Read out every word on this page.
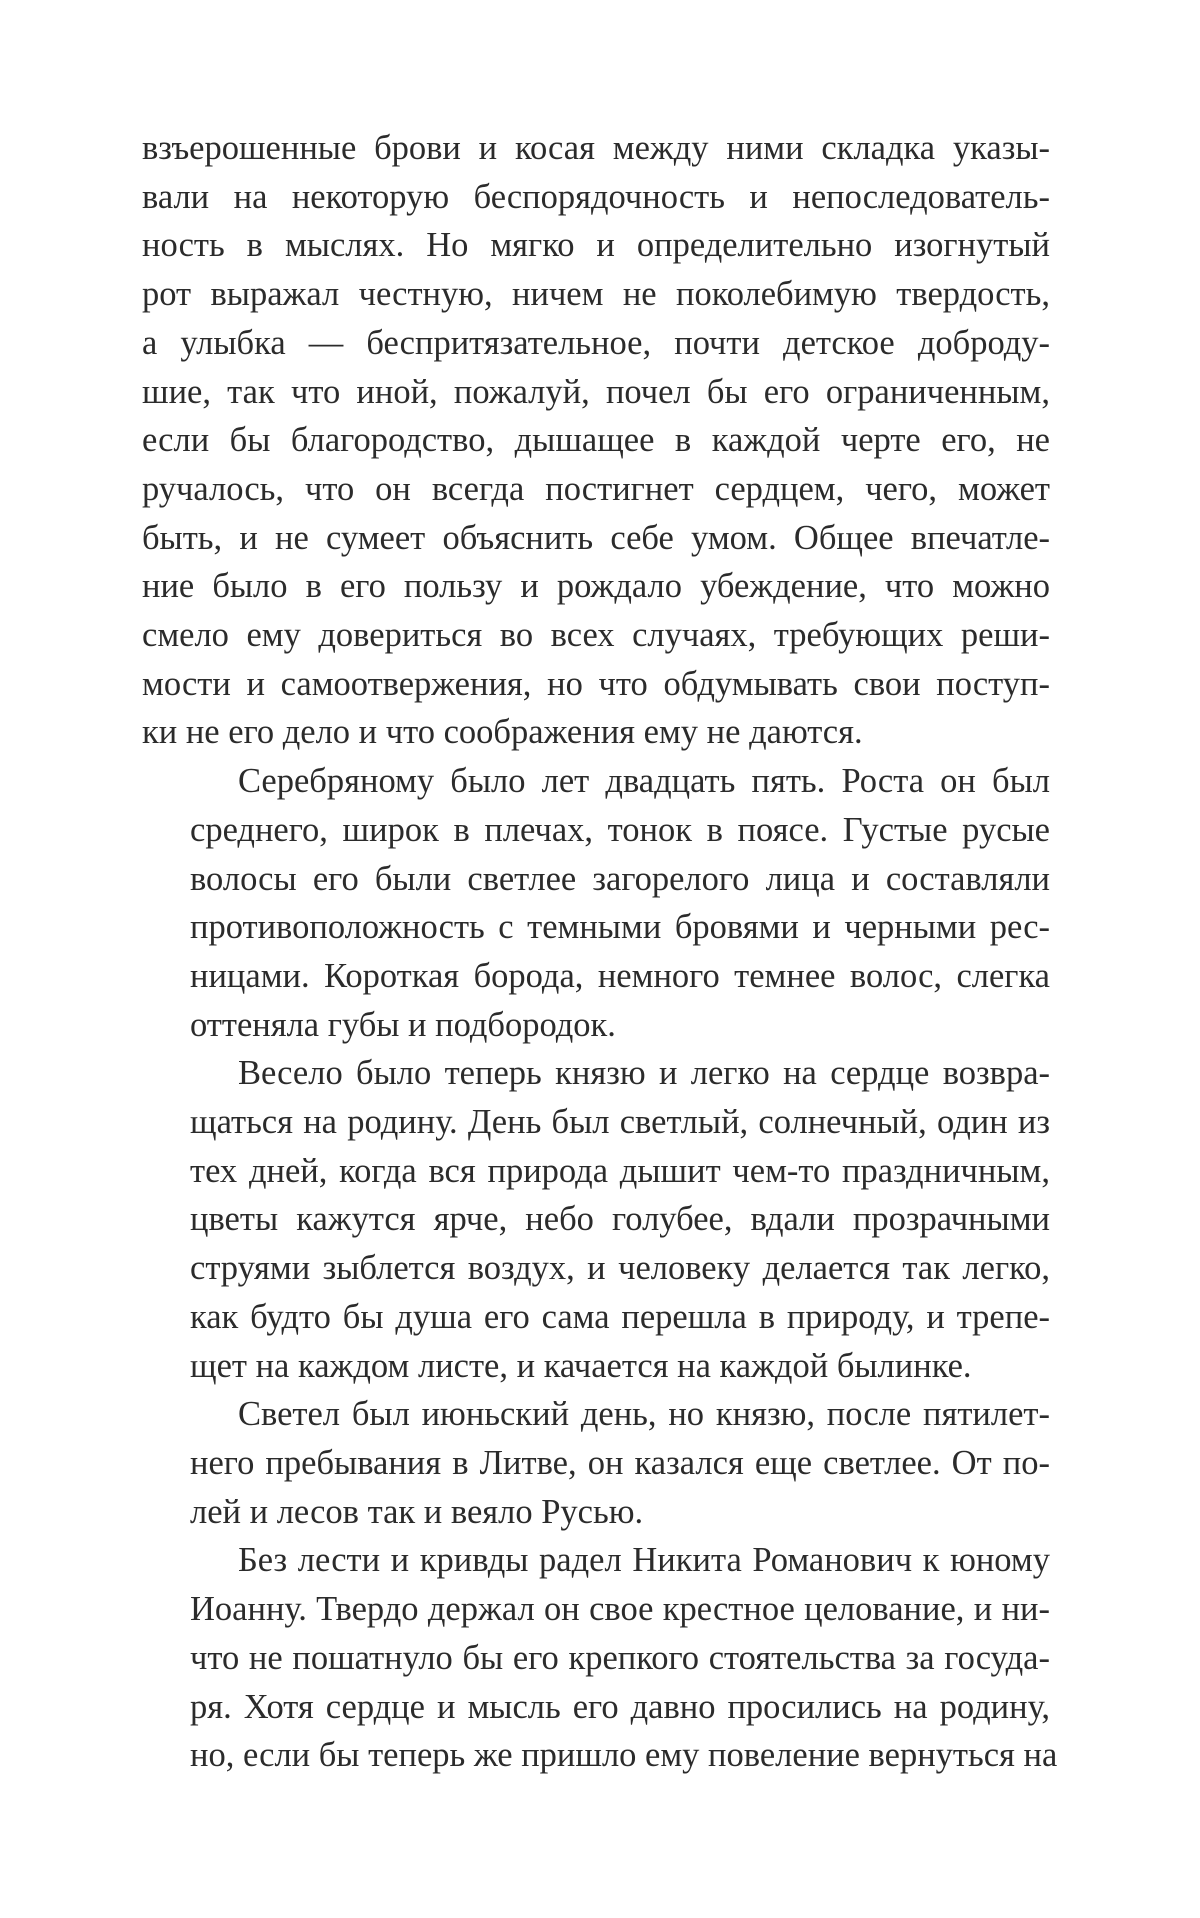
взъерошенные брови и косая между ними складка указы-
вали на некоторую беспорядочность и непоследователь-
ность в мыслях. Но мягко и определительно изогнутый
рот выражал честную, ничем не поколебимую твердость,
а улыбка — беспритязательное, почти детское доброду-
шие, так что иной, пожалуй, почел бы его ограниченным,
если бы благородство, дышащее в каждой черте его, не
ручалось, что он всегда постигнет сердцем, чего, может
быть, и не сумеет объяснить себе умом. Общее впечатле-
ние было в его пользу и рождало убеждение, что можно
смело ему довериться во всех случаях, требующих реши-
мости и самоотвержения, но что обдумывать свои поступ-
ки не его дело и что соображения ему не даются.
Серебряному было лет двадцать пять. Роста он был
среднего, широк в плечах, тонок в поясе. Густые русые
волосы его были светлее загорелого лица и составляли
противоположность с темными бровями и черными рес-
ницами. Короткая борода, немного темнее волос, слегка
оттеняла губы и подбородок.
Весело было теперь князю и легко на сердце возвра-
щаться на родину. День был светлый, солнечный, один из
тех дней, когда вся природа дышит чем-то праздничным,
цветы кажутся ярче, небо голубее, вдали прозрачными
струями зыблется воздух, и человеку делается так легко,
как будто бы душа его сама перешла в природу, и трепе-
щет на каждом листе, и качается на каждой былинке.
Светел был июньский день, но князю, после пятилет-
него пребывания в Литве, он казался еще светлее. От по-
лей и лесов так и веяло Русью.
Без лести и кривды радел Никита Романович к юному
Иоанну. Твердо держал он свое крестное целование, и ни-
что не пошатнуло бы его крепкого стоятельства за госуда-
ря. Хотя сердце и мысль его давно просились на родину,
но, если бы теперь же пришло ему повеление вернуться на
